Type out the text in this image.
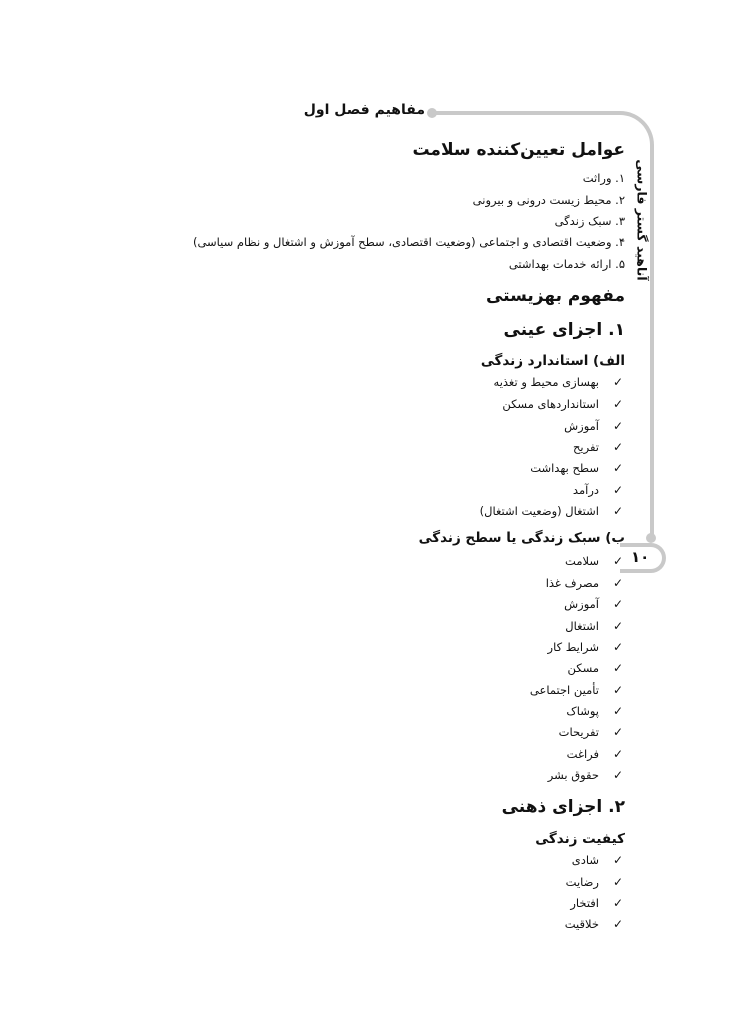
مفاهیم فصل اول
آناهید گستر فارسی
۱۰
عوامل تعیین‌کننده سلامت
۱. وراثت
۲. محیط زیست درونی و بیرونی
۳. سبک زندگی
۴. وضعیت اقتصادی و اجتماعی (وضعیت اقتصادی، سطح آموزش و اشتغال و نظام سیاسی)
۵. ارائه خدمات بهداشتی
مفهوم بهزیستی
۱. اجزای عینی
الف) استاندارد زندگی
✓بهسازی محیط و تغذیه
✓استانداردهای مسکن
✓آموزش
✓تفریح
✓سطح بهداشت
✓درآمد
✓اشتغال (وضعیت اشتغال)
ب) سبک زندگی یا سطح زندگی
✓سلامت
✓مصرف غذا
✓آموزش
✓اشتغال
✓شرایط کار
✓مسکن
✓تأمین اجتماعی
✓پوشاک
✓تفریحات
✓فراغت
✓حقوق بشر
۲. اجزای ذهنی
کیفیت زندگی
✓شادی
✓رضایت
✓افتخار
✓خلاقیت
